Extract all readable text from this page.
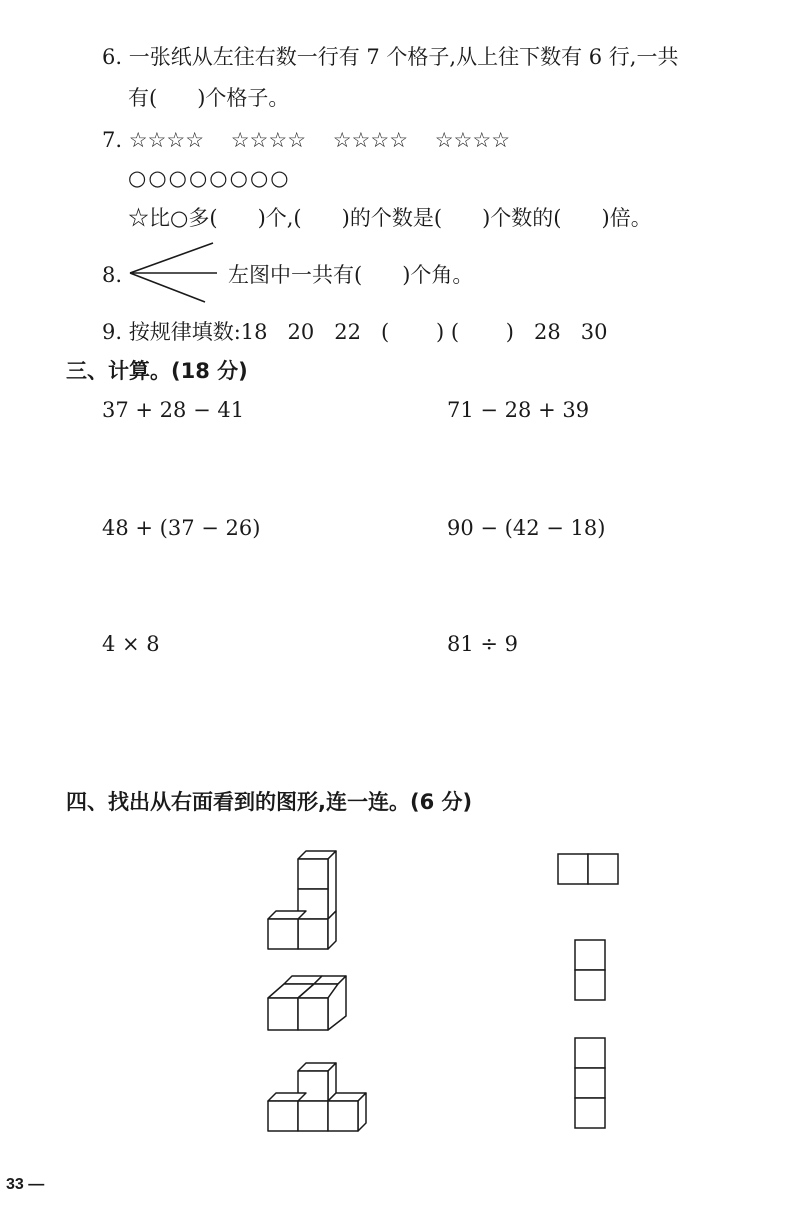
6. 一张纸从左往右数一行有 7 个格子,从上往下数有 6 行,一共
有(      )个格子。
7. ☆☆☆☆    ☆☆☆☆    ☆☆☆☆    ☆☆☆☆
○○○○○○○○
☆比○多(      )个,(      )的个数是(      )个数的(      )倍。
8.	左图中一共有(      )个角。
9. 按规律填数:18   20   22   (       ) (       )   28   30
三、计算。(18 分)
37 + 28 − 41	71 − 28 + 39
48 + (37 − 26)	90 − (42 − 18)
4 × 8	81 ÷ 9
四、找出从右面看到的图形,连一连。(6 分)
33 —
